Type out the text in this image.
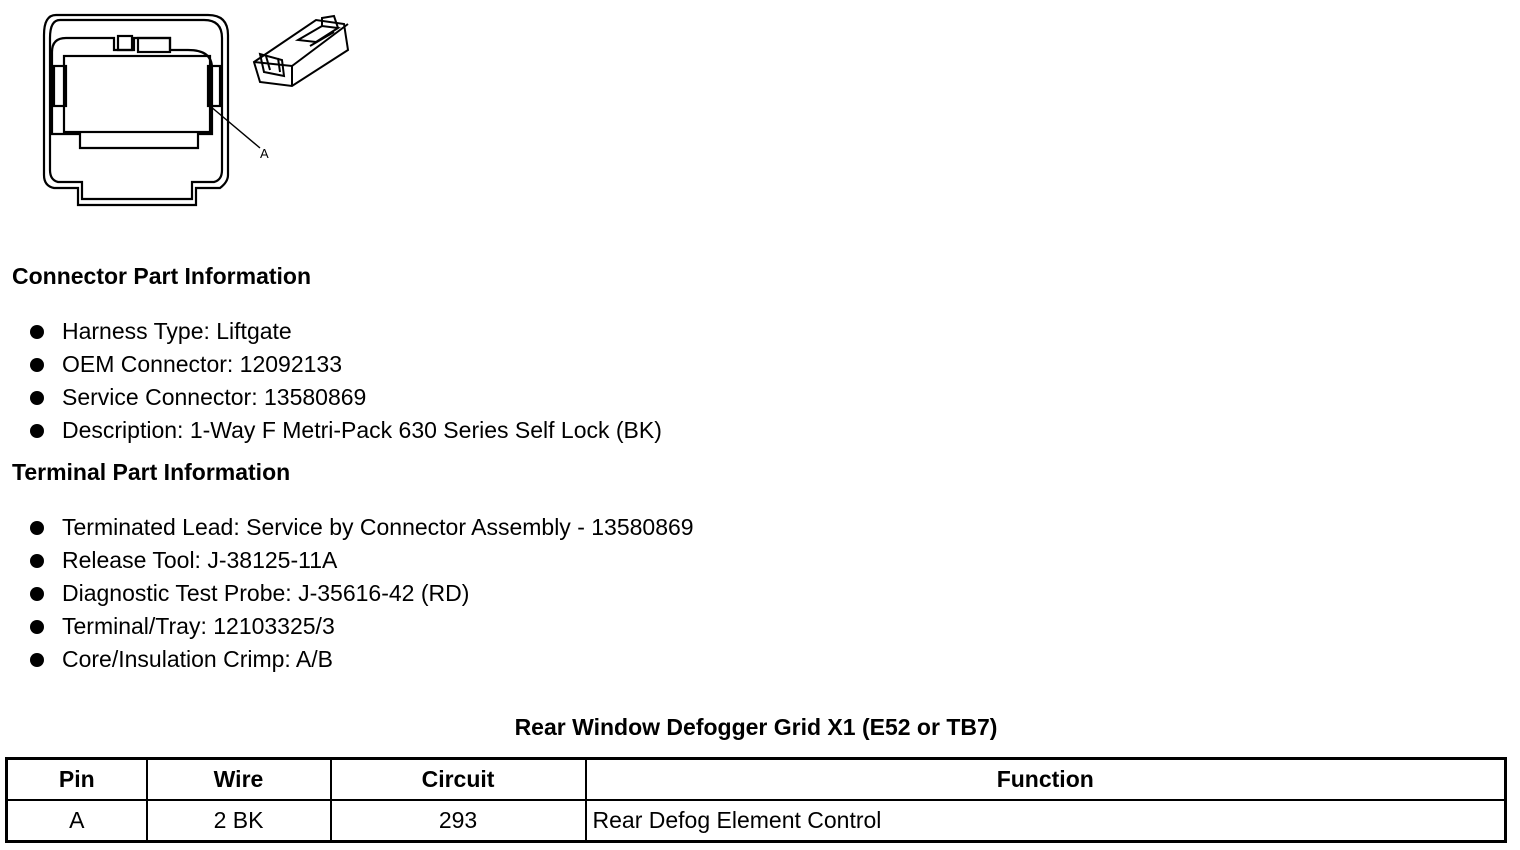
A
Connector Part Information
Harness Type: Liftgate
OEM Connector: 12092133
Service Connector: 13580869
Description: 1-Way F Metri-Pack 630 Series Self Lock (BK)
Terminal Part Information
Terminated Lead: Service by Connector Assembly - 13580869
Release Tool: J-38125-11A
Diagnostic Test Probe: J-35616-42 (RD)
Terminal/Tray: 12103325/3
Core/Insulation Crimp: A/B
Rear Window Defogger Grid X1 (E52 or TB7)
Pin	Wire	Circuit	Function
A	2 BK	293	Rear Defog Element Control
